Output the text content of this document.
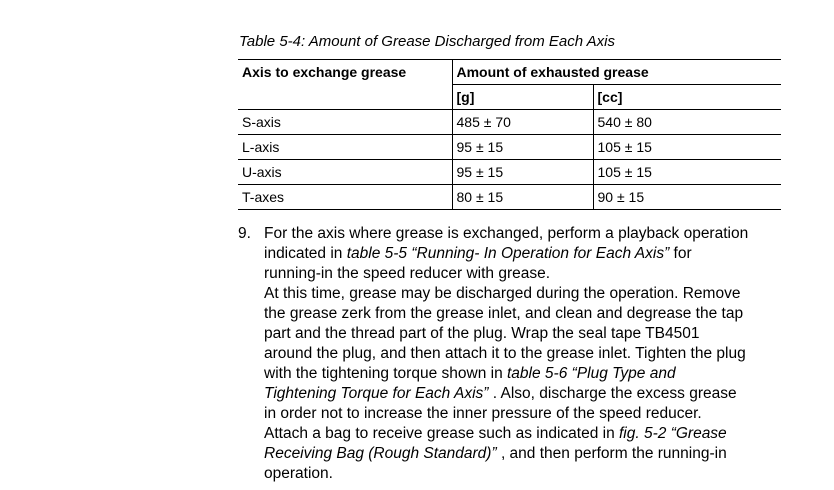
Table 5-4: Amount of Grease Discharged from Each Axis
Axis to exchange grease	Amount of exhausted grease	
	[g]	[cc]
S-axis	485 ± 70	540 ± 80
L-axis	95 ± 15	105 ± 15
U-axis	95 ± 15	105 ± 15
T-axes	80 ± 15	90 ± 15
9. For the axis where grease is exchanged, perform a playback operation
indicated in table 5-5 “Running- In Operation for Each Axis” for
running-in the speed reducer with grease.
At this time, grease may be discharged during the operation. Remove
the grease zerk from the grease inlet, and clean and degrease the tap
part and the thread part of the plug. Wrap the seal tape TB4501
around the plug, and then attach it to the grease inlet. Tighten the plug
with the tightening torque shown in table 5-6 “Plug Type and
Tightening Torque for Each Axis” . Also, discharge the excess grease
in order not to increase the inner pressure of the speed reducer.
Attach a bag to receive grease such as indicated in fig. 5-2 “Grease
Receiving Bag (Rough Standard)” , and then perform the running-in
operation.
